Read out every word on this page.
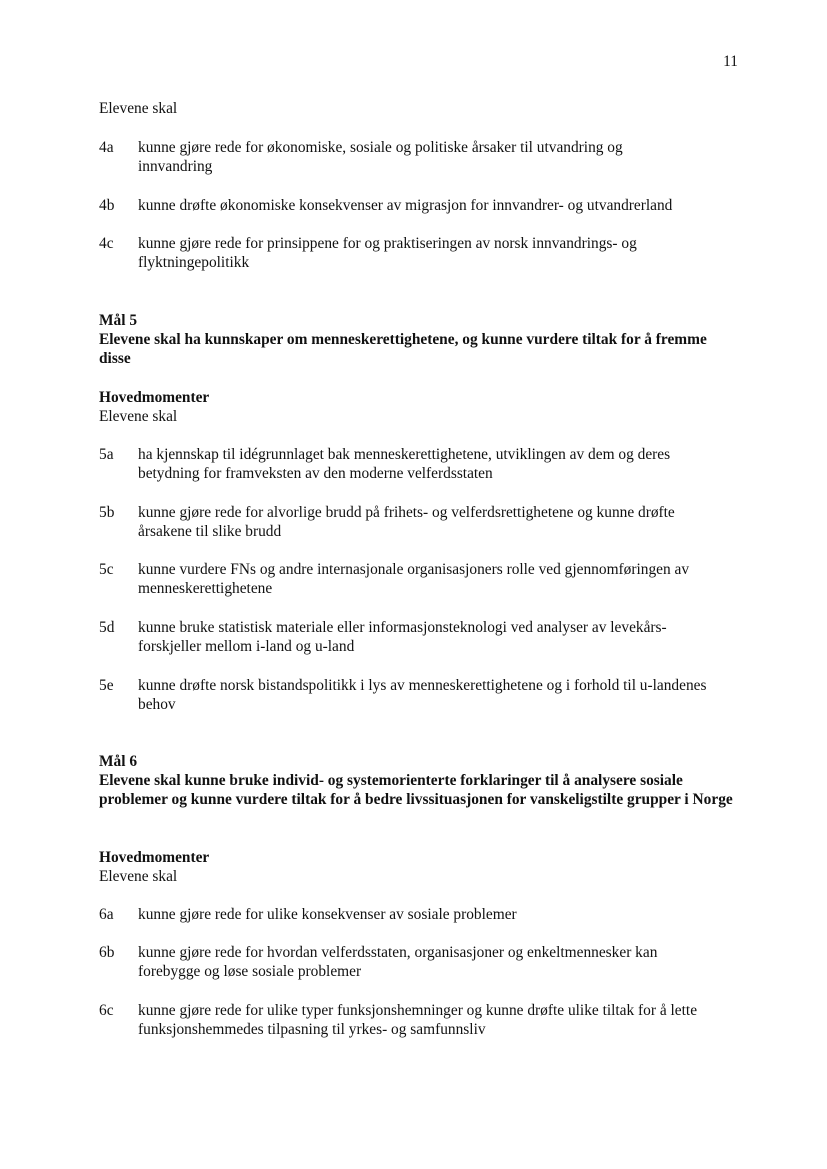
11
Elevene skal
4a	kunne gjøre rede for økonomiske, sosiale og politiske årsaker til utvandring og innvandring
4b	kunne drøfte økonomiske konsekvenser av migrasjon for innvandrer- og utvandrerland
4c	kunne gjøre rede for prinsippene for og praktiseringen av norsk innvandrings- og flyktningepolitikk
Mål 5
Elevene skal ha kunnskaper om menneskerettighetene, og kunne vurdere tiltak for å fremme disse
Hovedmomenter
Elevene skal
5a	ha kjennskap til idégrunnlaget bak menneskerettighetene, utviklingen av dem og deres betydning for framveksten av den moderne velferdsstaten
5b	kunne gjøre rede for alvorlige brudd på frihets- og velferdsrettighetene og kunne drøfte årsakene til slike brudd
5c	kunne vurdere FNs og andre internasjonale organisasjoners rolle ved gjennomføringen av menneskerettighetene
5d	kunne bruke statistisk materiale eller informasjonsteknologi ved analyser av levekårs-forskjeller mellom i-land og u-land
5e	kunne drøfte norsk bistandspolitikk i lys av menneskerettighetene og i forhold til u-landenes behov
Mål 6
Elevene skal kunne bruke individ- og systemorienterte forklaringer til å analysere sosiale problemer og kunne vurdere tiltak for å bedre livssituasjonen for vanskeligstilte grupper i Norge
Hovedmomenter
Elevene skal
6a	kunne gjøre rede for ulike konsekvenser av sosiale problemer
6b	kunne gjøre rede for hvordan velferdsstaten, organisasjoner og enkeltmennesker kan forebygge og løse sosiale problemer
6c	kunne gjøre rede for ulike typer funksjonshemninger og kunne drøfte ulike tiltak for å lette funksjonshemmedes tilpasning til yrkes- og samfunnsliv
